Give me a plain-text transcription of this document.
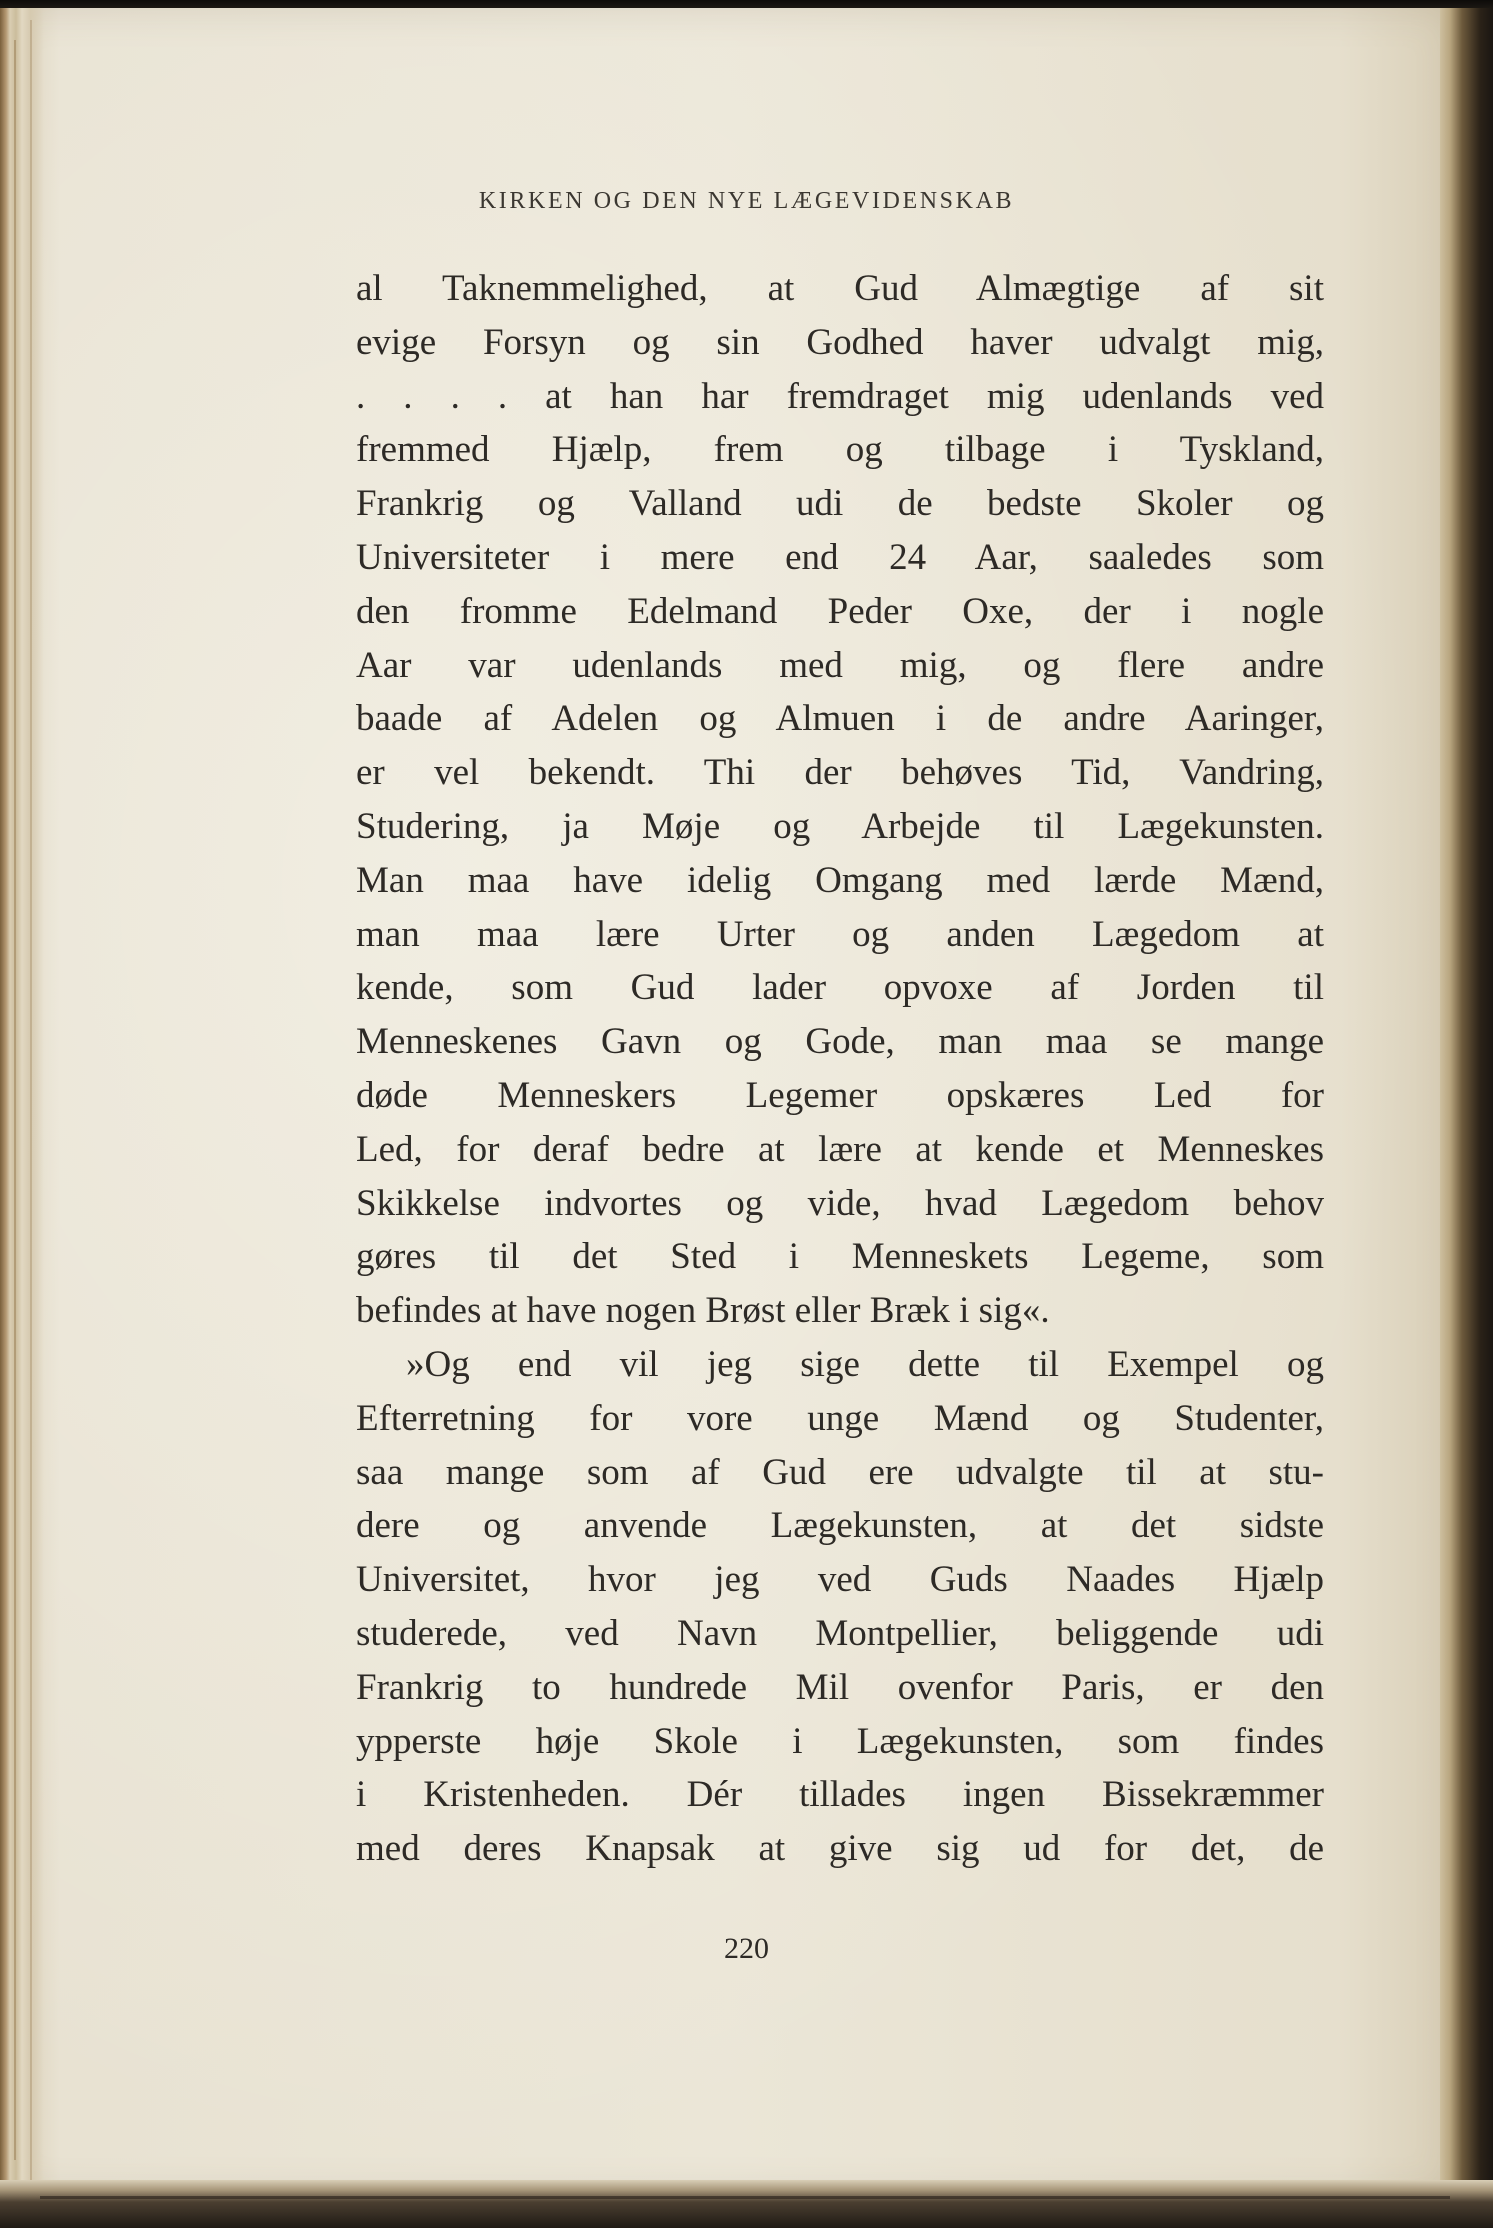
KIRKEN OG DEN NYE LÆGEVIDENSKAB
al Taknemmelighed, at Gud Almægtige af sit
evige Forsyn og sin Godhed haver udvalgt mig,
. . . . at han har fremdraget mig udenlands ved
fremmed Hjælp, frem og tilbage i Tyskland,
Frankrig og Valland udi de bedste Skoler og
Universiteter i mere end 24 Aar, saaledes som
den fromme Edelmand Peder Oxe, der i nogle
Aar var udenlands med mig, og flere andre
baade af Adelen og Almuen i de andre Aaringer,
er vel bekendt. Thi der behøves Tid, Vandring,
Studering, ja Møje og Arbejde til Lægekunsten.
Man maa have idelig Omgang med lærde Mænd,
man maa lære Urter og anden Lægedom at
kende, som Gud lader opvoxe af Jorden til
Menneskenes Gavn og Gode, man maa se mange
døde Menneskers Legemer opskæres Led for
Led, for deraf bedre at lære at kende et Menneskes
Skikkelse indvortes og vide, hvad Lægedom behov
gøres til det Sted i Menneskets Legeme, som
befindes at have nogen Brøst eller Bræk i sig«.
»Og end vil jeg sige dette til Exempel og
Efterretning for vore unge Mænd og Studenter,
saa mange som af Gud ere udvalgte til at stu-
dere og anvende Lægekunsten, at det sidste
Universitet, hvor jeg ved Guds Naades Hjælp
studerede, ved Navn Montpellier, beliggende udi
Frankrig to hundrede Mil ovenfor Paris, er den
ypperste høje Skole i Lægekunsten, som findes
i Kristenheden. Dér tillades ingen Bissekræmmer
med deres Knapsak at give sig ud for det, de
220
